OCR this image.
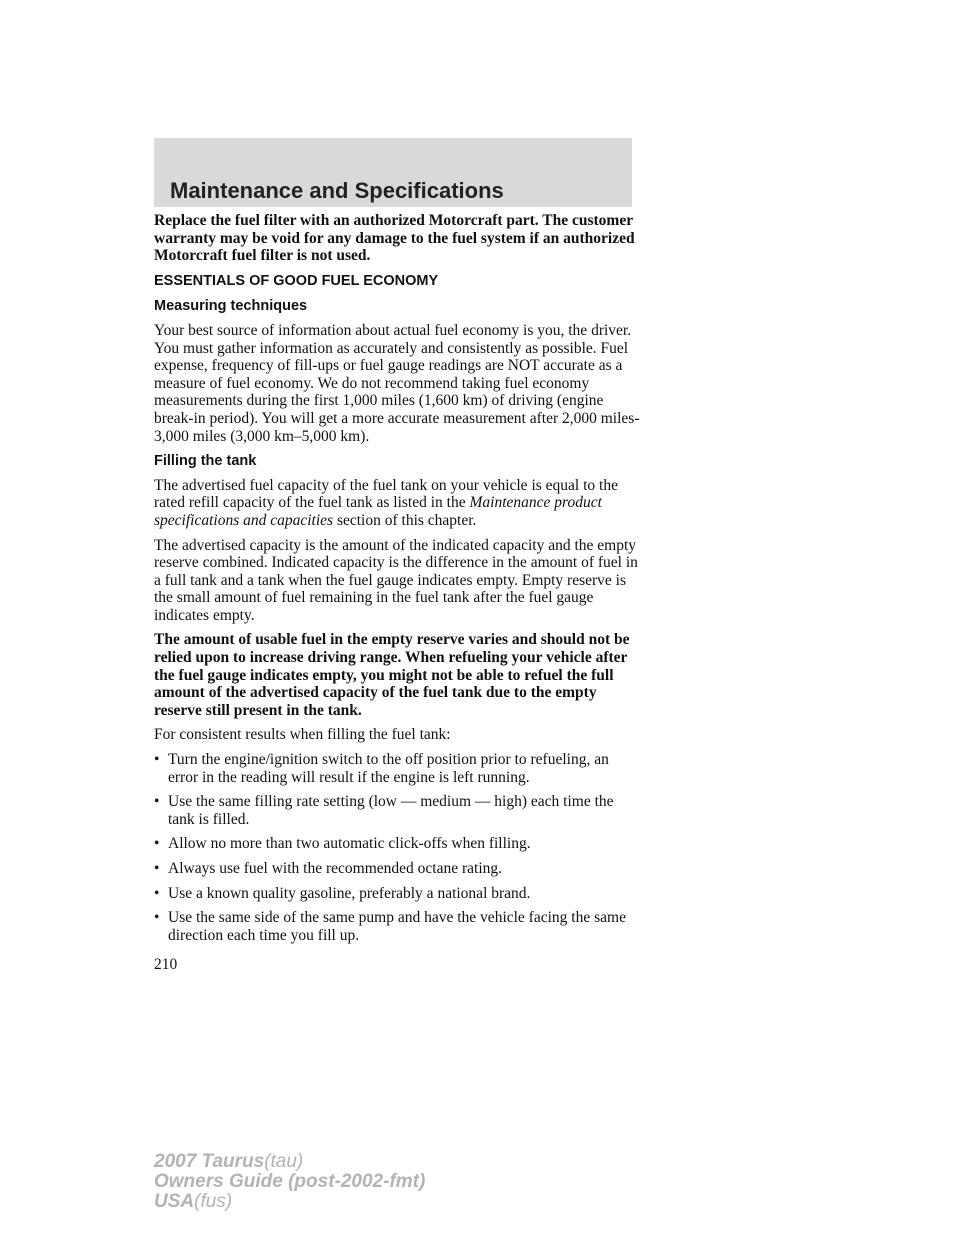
Maintenance and Specifications

Replace the fuel filter with an authorized Motorcraft part. The customer warranty may be void for any damage to the fuel system if an authorized Motorcraft fuel filter is not used.

ESSENTIALS OF GOOD FUEL ECONOMY
Measuring techniques

Your best source of information about actual fuel economy is you, the driver. You must gather information as accurately and consistently as possible. Fuel expense, frequency of fill-ups or fuel gauge readings are NOT accurate as a measure of fuel economy. We do not recommend taking fuel economy measurements during the first 1,000 miles (1,600 km) of driving (engine break-in period). You will get a more accurate measurement after 2,000 miles-3,000 miles (3,000 km–5,000 km).

Filling the tank

The advertised fuel capacity of the fuel tank on your vehicle is equal to the rated refill capacity of the fuel tank as listed in the Maintenance product specifications and capacities section of this chapter.

The advertised capacity is the amount of the indicated capacity and the empty reserve combined. Indicated capacity is the difference in the amount of fuel in a full tank and a tank when the fuel gauge indicates empty. Empty reserve is the small amount of fuel remaining in the fuel tank after the fuel gauge indicates empty.

The amount of usable fuel in the empty reserve varies and should not be relied upon to increase driving range. When refueling your vehicle after the fuel gauge indicates empty, you might not be able to refuel the full amount of the advertised capacity of the fuel tank due to the empty reserve still present in the tank.

For consistent results when filling the fuel tank:

• Turn the engine/ignition switch to the off position prior to refueling, an error in the reading will result if the engine is left running.
• Use the same filling rate setting (low — medium — high) each time the tank is filled.
• Allow no more than two automatic click-offs when filling.
• Always use fuel with the recommended octane rating.
• Use a known quality gasoline, preferably a national brand.
• Use the same side of the same pump and have the vehicle facing the same direction each time you fill up.
210
2007 Taurus(tau)
Owners Guide (post-2002-fmt)
USA(fus)
